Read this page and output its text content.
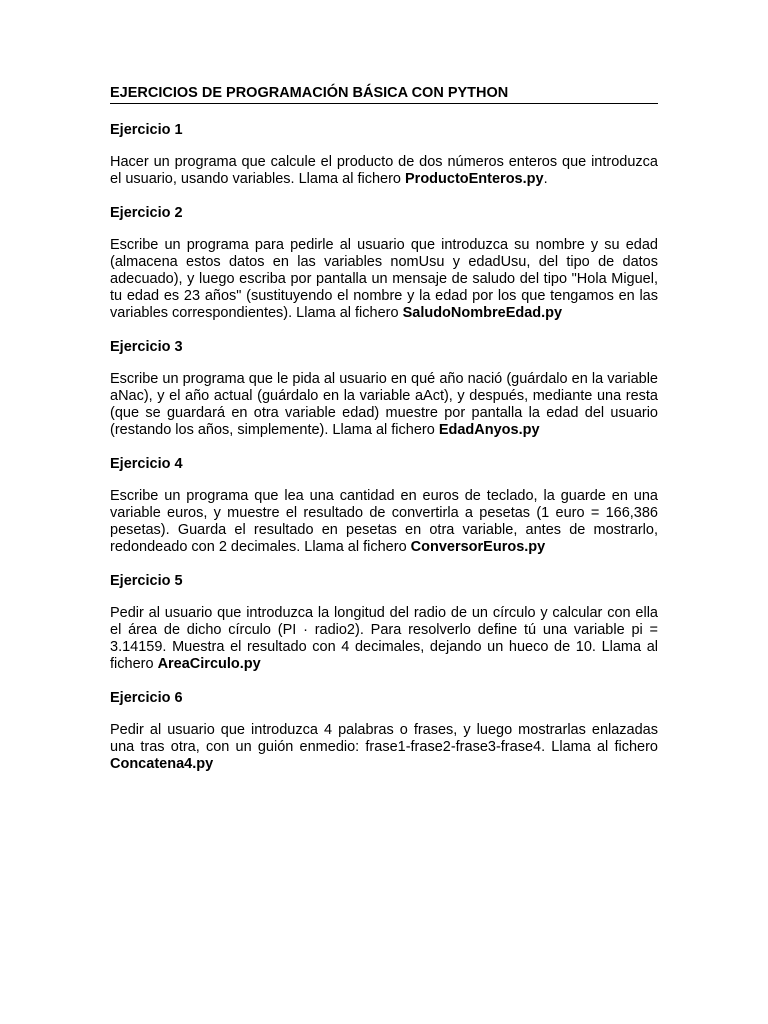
EJERCICIOS DE PROGRAMACIÓN BÁSICA CON PYTHON

Ejercicio 1

Hacer un programa que calcule el producto de dos números enteros que introduzca el usuario, usando variables. Llama al fichero ProductoEnteros.py.

Ejercicio 2

Escribe un programa para pedirle al usuario que introduzca su nombre y su edad (almacena estos datos en las variables nomUsu y edadUsu, del tipo de datos adecuado), y luego escriba por pantalla un mensaje de saludo del tipo "Hola Miguel, tu edad es 23 años" (sustituyendo el nombre y la edad por los que tengamos en las variables correspondientes). Llama al fichero SaludoNombreEdad.py

Ejercicio 3

Escribe un programa que le pida al usuario en qué año nació (guárdalo en la variable aNac), y el año actual (guárdalo en la variable aAct), y después, mediante una resta (que se guardará en otra variable edad) muestre por pantalla la edad del usuario (restando los años, simplemente). Llama al fichero EdadAnyos.py

Ejercicio 4

Escribe un programa que lea una cantidad en euros de teclado, la guarde en una variable euros, y muestre el resultado de convertirla a pesetas (1 euro = 166,386 pesetas). Guarda el resultado en pesetas en otra variable, antes de mostrarlo, redondeado con 2 decimales. Llama al fichero ConversorEuros.py

Ejercicio 5

Pedir al usuario que introduzca la longitud del radio de un círculo y calcular con ella el área de dicho círculo (PI · radio2). Para resolverlo define tú una variable pi = 3.14159. Muestra el resultado con 4 decimales, dejando un hueco de 10. Llama al fichero AreaCirculo.py

Ejercicio 6

Pedir al usuario que introduzca 4 palabras o frases, y luego mostrarlas enlazadas una tras otra, con un guión enmedio: frase1-frase2-frase3-frase4. Llama al fichero Concatena4.py
